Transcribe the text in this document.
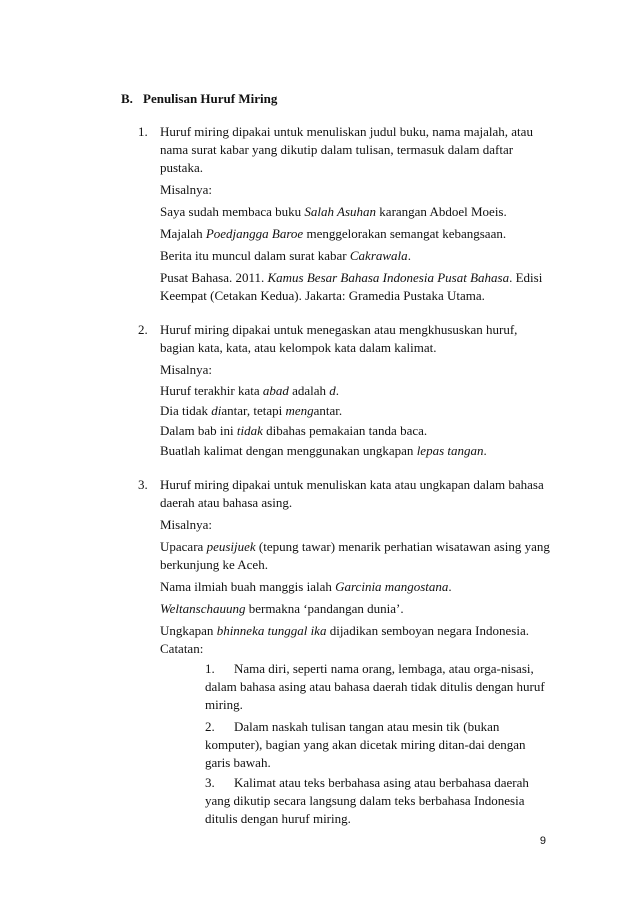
B. Penulisan Huruf Miring
1. Huruf miring dipakai untuk menuliskan judul buku, nama majalah, atau
nama surat kabar yang dikutip dalam tulisan, termasuk dalam daftar
pustaka.
Misalnya:
Saya sudah membaca buku Salah Asuhan karangan Abdoel Moeis.
Majalah Poedjangga Baroe menggelorakan semangat kebangsaan.
Berita itu muncul dalam surat kabar Cakrawala.
Pusat Bahasa. 2011. Kamus Besar Bahasa Indonesia Pusat Bahasa. Edisi
Keempat (Cetakan Kedua). Jakarta: Gramedia Pustaka Utama.
2. Huruf miring dipakai untuk menegaskan atau mengkhususkan huruf,
bagian kata, kata, atau kelompok kata dalam kalimat.
Misalnya:
Huruf terakhir kata abad adalah d.
Dia tidak diantar, tetapi mengantar.
Dalam bab ini tidak dibahas pemakaian tanda baca.
Buatlah kalimat dengan menggunakan ungkapan lepas tangan.
3. Huruf miring dipakai untuk menuliskan kata atau ungkapan dalam bahasa
daerah atau bahasa asing.
Misalnya:
Upacara peusijuek (tepung tawar) menarik perhatian wisatawan asing yang
berkunjung ke Aceh.
Nama ilmiah buah manggis ialah Garcinia mangostana.
Weltanschauung bermakna ‘pandangan dunia’.
Ungkapan bhinneka tunggal ika dijadikan semboyan negara Indonesia.
Catatan:
1. Nama diri, seperti nama orang, lembaga, atau orga-nisasi,
dalam bahasa asing atau bahasa daerah tidak ditulis dengan huruf
miring.
2. Dalam naskah tulisan tangan atau mesin tik (bukan
komputer), bagian yang akan dicetak miring ditan-dai dengan
garis bawah.
3. Kalimat atau teks berbahasa asing atau berbahasa daerah
yang dikutip secara langsung dalam teks berbahasa Indonesia
ditulis dengan huruf miring.
9
